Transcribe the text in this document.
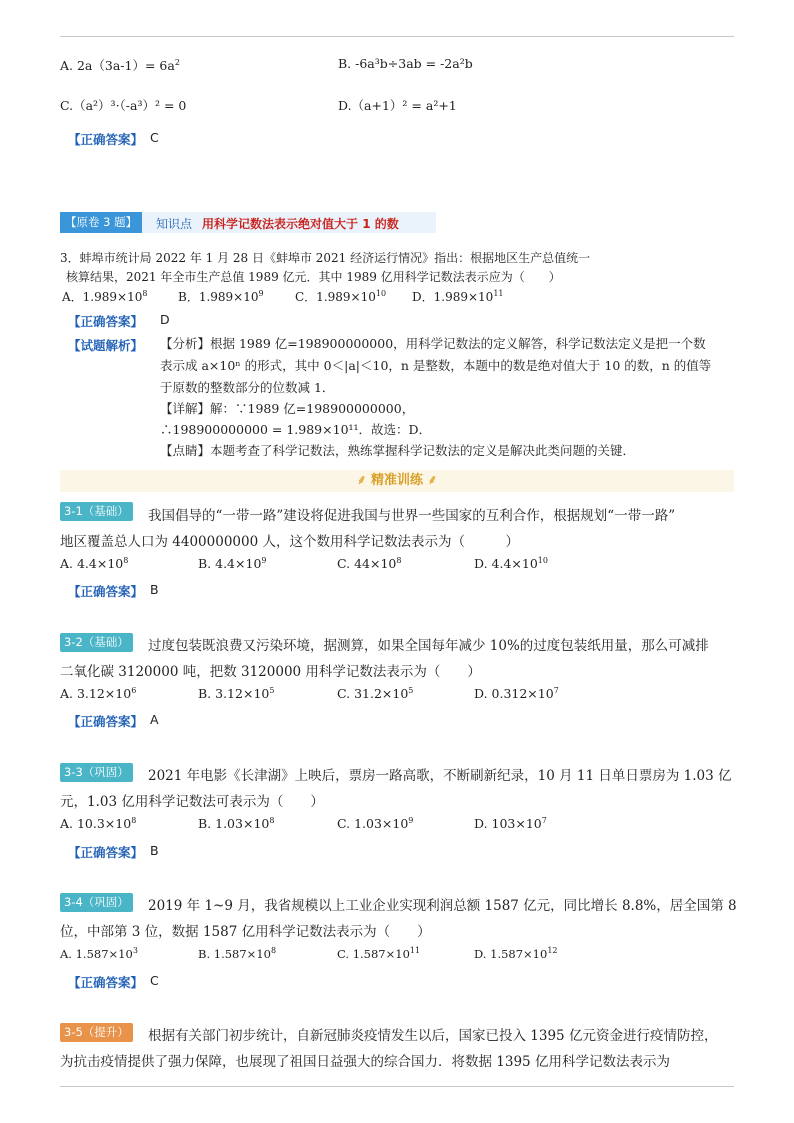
A. $2a(3a-1)= 6a^2$	B. -6a³b÷3ab = -2a²b
C.（a²）³·（-a³）² = 0	D.（a+1）² = a²+1
【正确答案】 C
【原卷 3 题】	知识点 用科学记数法表示绝对值大于 1 的数
3．蚌埠市统计局 2022 年 1 月 28 日《蚌埠市 2021 经济运行情况》指出：根据地区生产总值统一
核算结果，2021 年全市生产总值 1989 亿元．其中 1989 亿用科学记数法表示应为（　　）
A．$1.989\times 10^8$	B．$1.989\times 10^9$	C．$1.989\times 10^{10}$ D．$1.989\times 10^{11}$
【正确答案】 D
【试题解析】 【分析】根据 1989 亿=198900000000，用科学记数法的定义解答，科学记数法定义是把一个数
表示成 a×10ⁿ 的形式，其中 0＜|a|＜10，n 是整数，本题中的数是绝对值大于 10 的数，n 的值等
于原数的整数部分的位数减 1．
【详解】解：∵1989 亿=198900000000，
∴198900000000 = 1.989×10¹¹．故选：D．
【点睛】本题考查了科学记数法，熟练掌握科学记数法的定义是解决此类问题的关键．
⸙ 精准训练 ⸙
3-1（基础） 我国倡导的“一带一路”建设将促进我国与世界一些国家的互利合作，根据规划“一带一路”
地区覆盖总人口为 4400000000 人，这个数用科学记数法表示为（　　　）
A. $4.4\times 10^8$	B. $4.4\times 10^9$	C. $44\times 10^8$	D. $4.4\times 10^{10}$
【正确答案】 B
3-2（基础） 过度包装既浪费又污染环境，据测算，如果全国每年减少 10%的过度包装纸用量，那么可减排
二氧化碳 3120000 吨，把数 3120000 用科学记数法表示为（　　）
A. $3.12\times 10^6$	B. $3.12\times 10^5$	C. $31.2\times 10^5$	D. $0.312\times 10^7$
【正确答案】 A
3-3（巩固） 2021 年电影《长津湖》上映后，票房一路高歌，不断刷新纪录，10 月 11 日单日票房为 1.03 亿
元，1.03 亿用科学记数法可表示为（　　）
A. $10.3\times 10^8$	B. $1.03\times 10^8$	C. $1.03\times 10^9$	D. $103\times 10^7$
【正确答案】 B
3-4（巩固） 2019 年 1~9 月，我省规模以上工业企业实现利润总额 1587 亿元，同比增长 8.8%，居全国第 8
位，中部第 3 位，数据 1587 亿用科学记数法表示为（　　）
A. $1.587\times 10^3$	B. $1.587\times 10^8$	C. $1.587\times 10^{11}$	D. $1.587\times 10^{12}$
【正确答案】 C
3-5（提升） 根据有关部门初步统计，自新冠肺炎疫情发生以后，国家已投入 1395 亿元资金进行疫情防控，
为抗击疫情提供了强力保障，也展现了祖国日益强大的综合国力．将数据 1395 亿用科学记数法表示为
